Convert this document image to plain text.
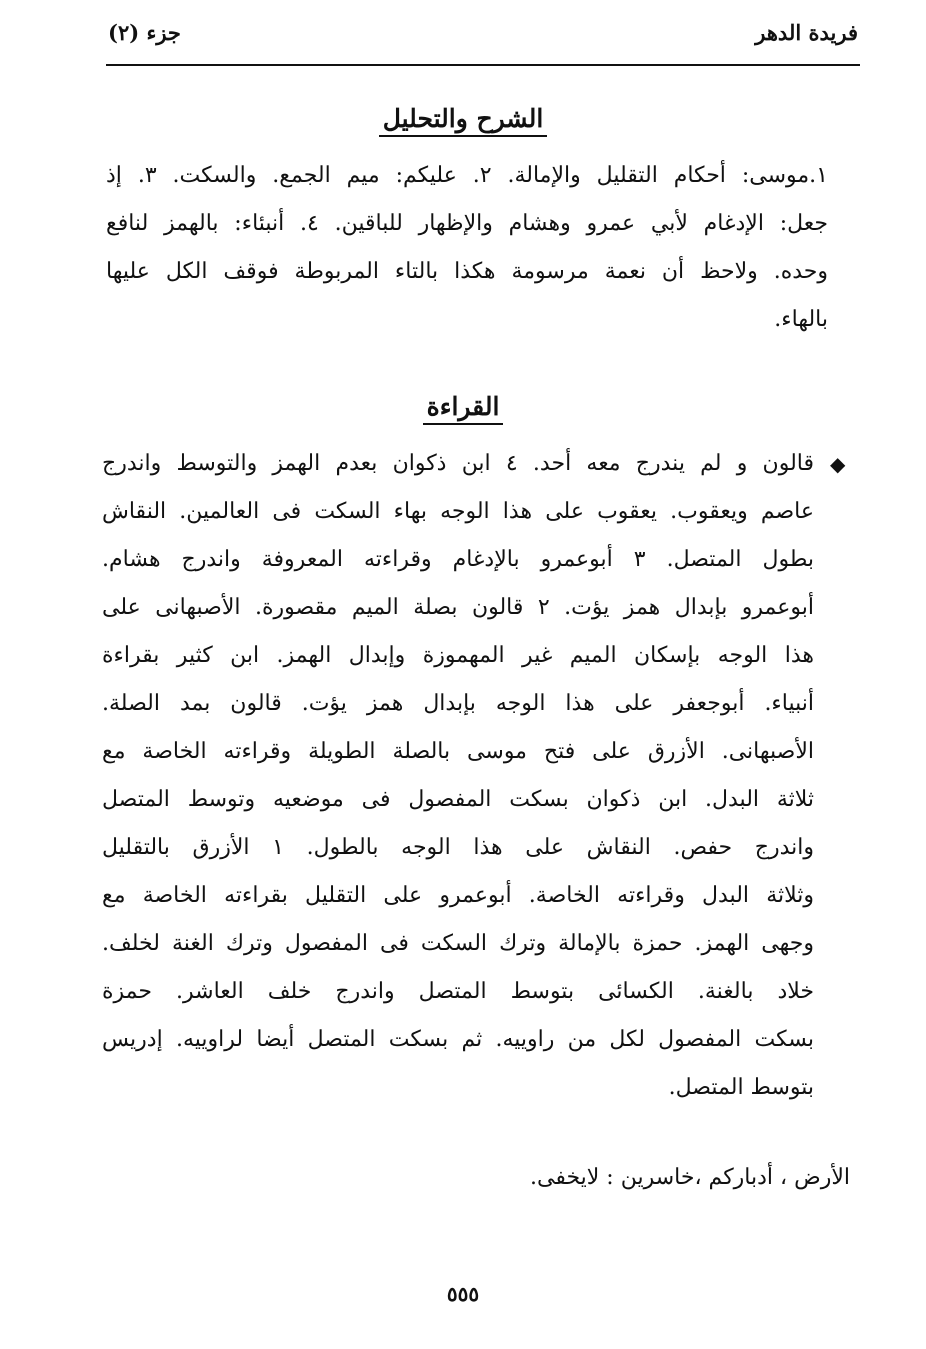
فريدة الدهر
جزء (٢)
الشرح والتحليل
١.موسى: أحكام التقليل والإمالة. ٢. عليكم: ميم الجمع. والسكت. ٣. إذ
جعل: الإدغام لأبي عمرو وهشام والإظهار للباقين. ٤. أنبئاء: بالهمز لنافع
وحده. ولاحظ أن نعمة مرسومة هكذا بالتاء المربوطة فوقف الكل عليها
بالهاء.
القراءة
◆
قالون و لم يندرج معه أحد. ٤ ابن ذكوان بعدم الهمز والتوسط واندرج
عاصم ويعقوب. يعقوب على هذا الوجه بهاء السكت فى العالمين. النقاش
بطول المتصل. ٣ أبوعمرو بالإدغام وقراءته المعروفة واندرج هشام.
أبوعمرو بإبدال همز يؤت. ٢ قالون بصلة الميم مقصورة. الأصبهانى على
هذا الوجه بإسكان الميم غير المهموزة وإبدال الهمز. ابن كثير بقراءة
أنبياء. أبوجعفر على هذا الوجه بإبدال همز يؤت. قالون بمد الصلة.
الأصبهانى. الأزرق على فتح موسى بالصلة الطويلة وقراءته الخاصة مع
ثلاثة البدل. ابن ذكوان بسكت المفصول فى موضعيه وتوسط المتصل
واندرج حفص. النقاش على هذا الوجه بالطول. ١ الأزرق بالتقليل
وثلاثة البدل وقراءته الخاصة. أبوعمرو على التقليل بقراءته الخاصة مع
وجهى الهمز. حمزة بالإمالة وترك السكت فى المفصول وترك الغنة لخلف.
خلاد بالغنة. الكسائى بتوسط المتصل واندرج خلف العاشر. حمزة
بسكت المفصول لكل من راوييه. ثم بسكت المتصل أيضا لراوييه. إدريس
بتوسط المتصل.
الأرض ، أدباركم ،خاسرين : لايخفى.
٥٥٥
